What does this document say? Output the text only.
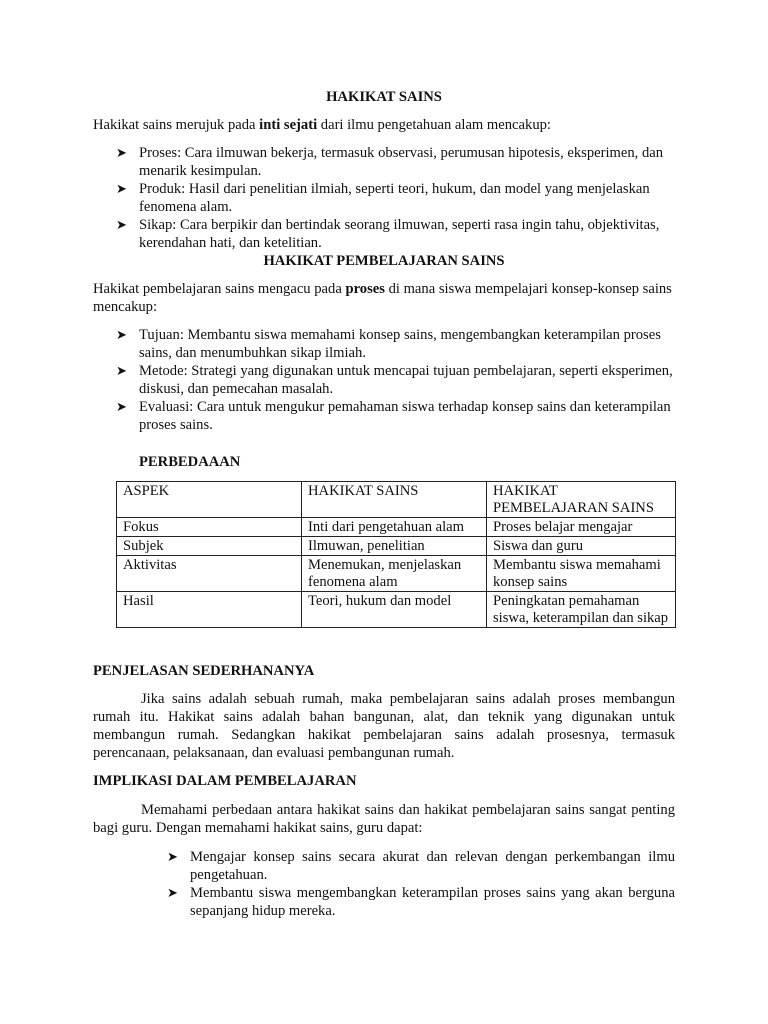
HAKIKAT SAINS

Hakikat sains merujuk pada inti sejati dari ilmu pengetahuan alam mencakup:

➤ Proses: Cara ilmuwan bekerja, termasuk observasi, perumusan hipotesis, eksperimen, dan menarik kesimpulan.
➤ Produk: Hasil dari penelitian ilmiah, seperti teori, hukum, dan model yang menjelaskan fenomena alam.
➤ Sikap: Cara berpikir dan bertindak seorang ilmuwan, seperti rasa ingin tahu, objektivitas, kerendahan hati, dan ketelitian.
HAKIKAT PEMBELAJARAN SAINS

Hakikat pembelajaran sains mengacu pada proses di mana siswa mempelajari konsep-konsep sains mencakup:

➤ Tujuan: Membantu siswa memahami konsep sains, mengembangkan keterampilan proses sains, dan menumbuhkan sikap ilmiah.
➤ Metode: Strategi yang digunakan untuk mencapai tujuan pembelajaran, seperti eksperimen, diskusi, dan pemecahan masalah.
➤ Evaluasi: Cara untuk mengukur pemahaman siswa terhadap konsep sains dan keterampilan proses sains.
PERBEDAAAN
ASPEK	HAKIKAT SAINS	HAKIKAT PEMBELAJARAN SAINS
Fokus	Inti dari pengetahuan alam	Proses belajar mengajar
Subjek	Ilmuwan, penelitian	Siswa dan guru
Aktivitas	Menemukan, menjelaskan fenomena alam	Membantu siswa memahami konsep sains
Hasil	Teori, hukum dan model	Peningkatan pemahaman siswa, keterampilan dan sikap
PENJELASAN SEDERHANANYA

Jika sains adalah sebuah rumah, maka pembelajaran sains adalah proses membangun rumah itu. Hakikat sains adalah bahan bangunan, alat, dan teknik yang digunakan untuk membangun rumah. Sedangkan hakikat pembelajaran sains adalah prosesnya, termasuk perencanaan, pelaksanaan, dan evaluasi pembangunan rumah.

IMPLIKASI DALAM PEMBELAJARAN

Memahami perbedaan antara hakikat sains dan hakikat pembelajaran sains sangat penting bagi guru. Dengan memahami hakikat sains, guru dapat:

➤ Mengajar konsep sains secara akurat dan relevan dengan perkembangan ilmu pengetahuan.
➤ Membantu siswa mengembangkan keterampilan proses sains yang akan berguna sepanjang hidup mereka.
